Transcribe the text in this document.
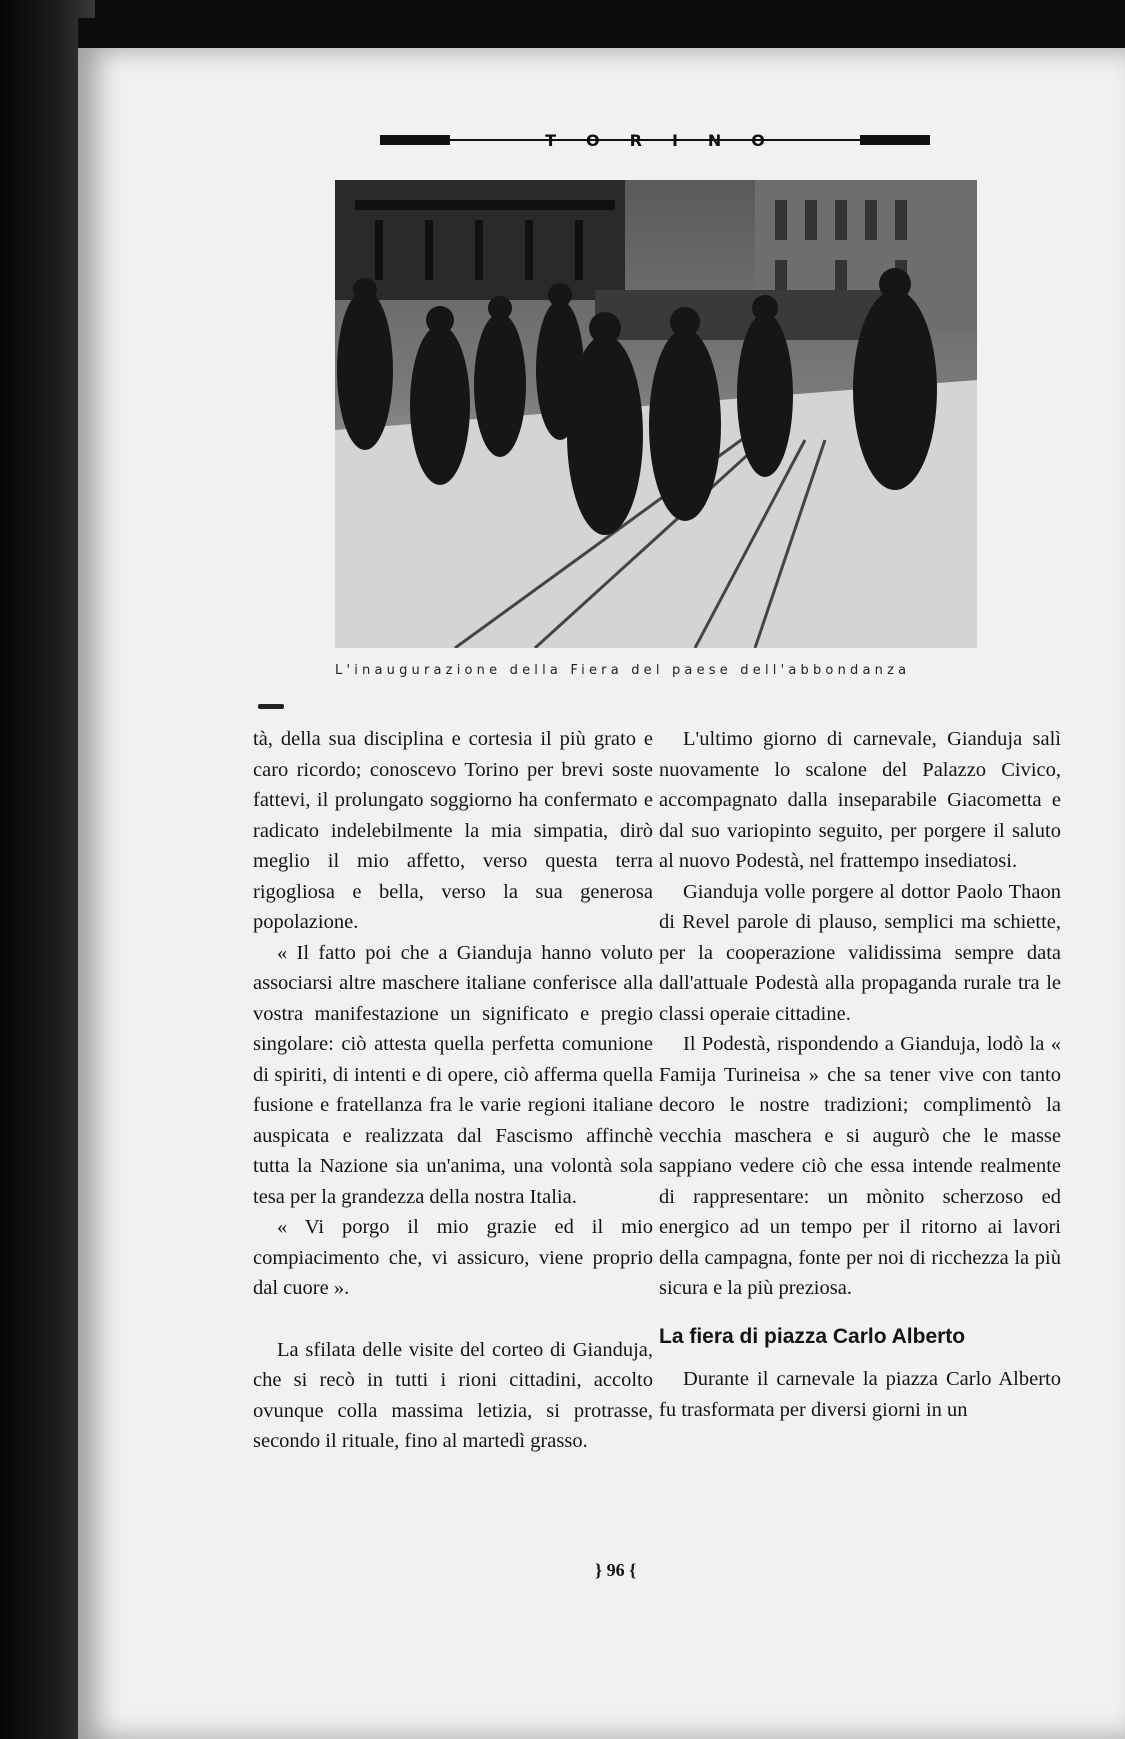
TORINO
L'inaugurazione della Fiera del paese dell'abbondanza

tà, della sua disciplina e cortesia il più grato e caro ricordo; conoscevo Torino per brevi soste fattevi, il prolungato soggiorno ha confermato e radicato indelebilmente la mia simpatia, dirò meglio il mio affetto, verso questa terra rigogliosa e bella, verso la sua generosa popolazione.

« Il fatto poi che a Gianduja hanno voluto associarsi altre maschere italiane conferisce alla vostra manifestazione un significato e pregio singolare: ciò attesta quella perfetta comunione di spiriti, di intenti e di opere, ciò afferma quella fusione e fratellanza fra le varie regioni italiane auspicata e realizzata dal Fascismo affinchè tutta la Nazione sia un'anima, una volontà sola tesa per la grandezza della nostra Italia.

« Vi porgo il mio grazie ed il mio compiacimento che, vi assicuro, viene proprio dal cuore ».

La sfilata delle visite del corteo di Gianduja, che si recò in tutti i rioni cittadini, accolto ovunque colla massima letizia, si protrasse, secondo il rituale, fino al martedì grasso.

L'ultimo giorno di carnevale, Gianduja salì nuovamente lo scalone del Palazzo Civico, accompagnato dalla inseparabile Giacometta e dal suo variopinto seguito, per porgere il saluto al nuovo Podestà, nel frattempo insediatosi.

Gianduja volle porgere al dottor Paolo Thaon di Revel parole di plauso, semplici ma schiette, per la cooperazione validissima sempre data dall'attuale Podestà alla propaganda rurale tra le classi operaie cittadine.

Il Podestà, rispondendo a Gianduja, lodò la « Famija Turineisa » che sa tener vive con tanto decoro le nostre tradizioni; complimentò la vecchia maschera e si augurò che le masse sappiano vedere ciò che essa intende realmente di rappresentare: un mònito scherzoso ed energico ad un tempo per il ritorno ai lavori della campagna, fonte per noi di ricchezza la più sicura e la più preziosa.

La fiera di piazza Carlo Alberto

Durante il carnevale la piazza Carlo Alberto fu trasformata per diversi giorni in un

} 96 {
